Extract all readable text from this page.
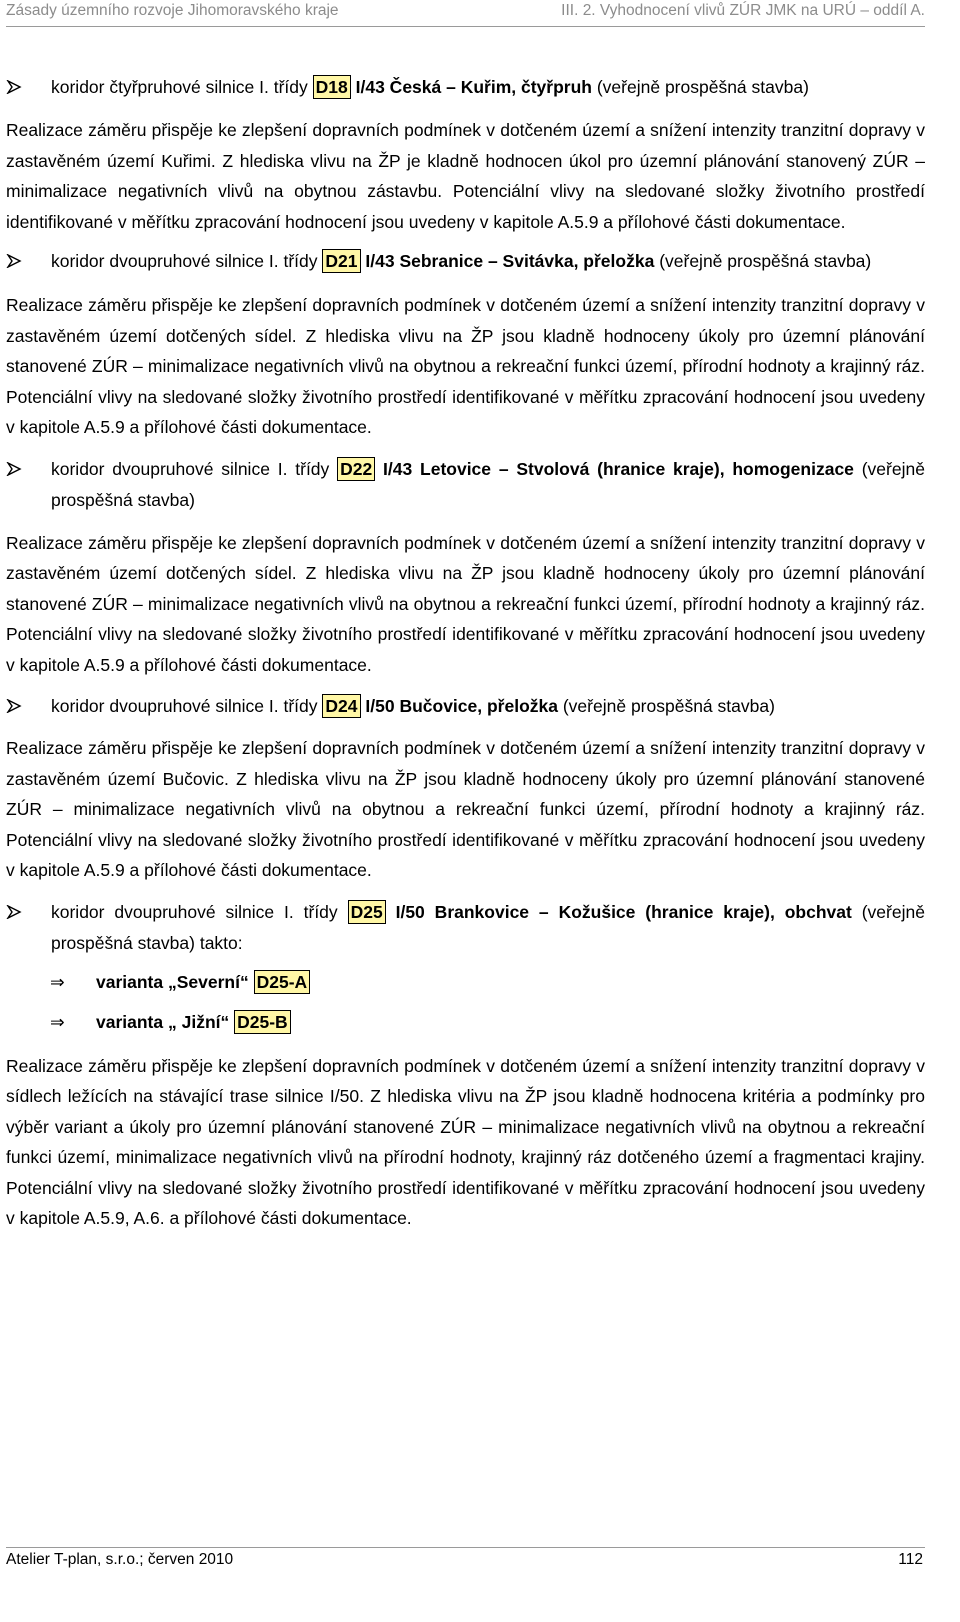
Zásady územního rozvoje Jihomoravského kraje	III. 2. Vyhodnocení vlivů ZÚR JMK na URÚ – oddíl A.

koridor čtyřpruhové silnice I. třídy D18 I/43 Česká – Kuřim, čtyřpruh (veřejně prospěšná stavba)

Realizace záměru přispěje ke zlepšení dopravních podmínek v dotčeném území a snížení intenzity tranzitní dopravy v zastavěném území Kuřimi. Z hlediska vlivu na ŽP je kladně hodnocen úkol pro územní plánování stanovený ZÚR – minimalizace negativních vlivů na obytnou zástavbu. Potenciální vlivy na sledované složky životního prostředí identifikované v měřítku zpracování hodnocení jsou uvedeny v kapitole A.5.9 a přílohové části dokumentace.

koridor dvoupruhové silnice I. třídy D21 I/43 Sebranice – Svitávka, přeložka (veřejně prospěšná stavba)

Realizace záměru přispěje ke zlepšení dopravních podmínek v dotčeném území a snížení intenzity tranzitní dopravy v zastavěném území dotčených sídel. Z hlediska vlivu na ŽP jsou kladně hodnoceny úkoly pro územní plánování stanovené ZÚR – minimalizace negativních vlivů na obytnou a rekreační funkci území, přírodní hodnoty a krajinný ráz. Potenciální vlivy na sledované složky životního prostředí identifikované v měřítku zpracování hodnocení jsou uvedeny v kapitole A.5.9 a přílohové části dokumentace.

koridor dvoupruhové silnice I. třídy D22 I/43 Letovice – Stvolová (hranice kraje), homogenizace (veřejně prospěšná stavba)

Realizace záměru přispěje ke zlepšení dopravních podmínek v dotčeném území a snížení intenzity tranzitní dopravy v zastavěném území dotčených sídel. Z hlediska vlivu na ŽP jsou kladně hodnoceny úkoly pro územní plánování stanovené ZÚR – minimalizace negativních vlivů na obytnou a rekreační funkci území, přírodní hodnoty a krajinný ráz. Potenciální vlivy na sledované složky životního prostředí identifikované v měřítku zpracování hodnocení jsou uvedeny v kapitole A.5.9 a přílohové části dokumentace.

koridor dvoupruhové silnice I. třídy D24 I/50 Bučovice, přeložka (veřejně prospěšná stavba)

Realizace záměru přispěje ke zlepšení dopravních podmínek v dotčeném území a snížení intenzity tranzitní dopravy v zastavěném území Bučovic. Z hlediska vlivu na ŽP jsou kladně hodnoceny úkoly pro územní plánování stanovené ZÚR – minimalizace negativních vlivů na obytnou a rekreační funkci území, přírodní hodnoty a krajinný ráz. Potenciální vlivy na sledované složky životního prostředí identifikované v měřítku zpracování hodnocení jsou uvedeny v kapitole A.5.9 a přílohové části dokumentace.

koridor dvoupruhové silnice I. třídy D25 I/50 Brankovice – Kožušice (hranice kraje), obchvat (veřejně prospěšná stavba) takto:

⇒ varianta „Severní“ D25-A

⇒ varianta „ Jižní“ D25-B

Realizace záměru přispěje ke zlepšení dopravních podmínek v dotčeném území a snížení intenzity tranzitní dopravy v sídlech ležících na stávající trase silnice I/50. Z hlediska vlivu na ŽP jsou kladně hodnocena kritéria a podmínky pro výběr variant a úkoly pro územní plánování stanovené ZÚR – minimalizace negativních vlivů na obytnou a rekreační funkci území, minimalizace negativních vlivů na přírodní hodnoty, krajinný ráz dotčeného území a fragmentaci krajiny. Potenciální vlivy na sledované složky životního prostředí identifikované v měřítku zpracování hodnocení jsou uvedeny v kapitole A.5.9, A.6. a přílohové části dokumentace.

Atelier T-plan, s.r.o.; červen 2010	112
